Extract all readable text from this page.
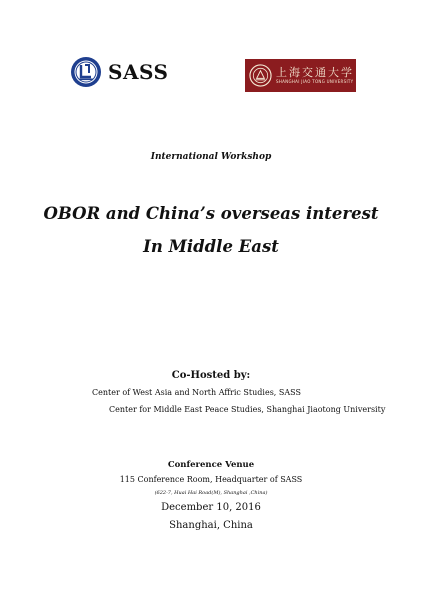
SASS	上海交通大学
SHANGHAI JIAO TONG UNIVERSITY
International Workshop
OBOR and China’s overseas interest
In Middle East
Co-Hosted by:
Center of West Asia and North Affric Studies, SASS
Center for Middle East Peace Studies, Shanghai Jiaotong University
Conference Venue
115 Conference Room, Headquarter of SASS
(622-7, Huai Hai Road(M), Shanghai ,China)
December 10, 2016
Shanghai, China
